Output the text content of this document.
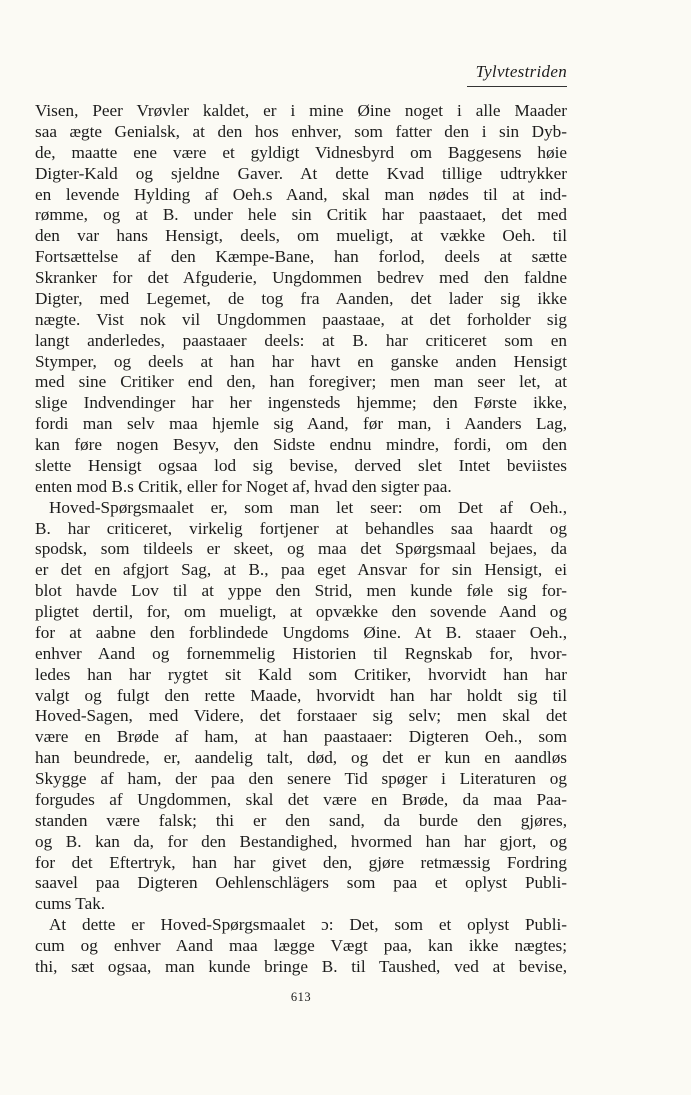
Tylvtestriden
Visen, Peer Vrøvler kaldet, er i mine Øine noget i alle Maader
saa ægte Genialsk, at den hos enhver, som fatter den i sin Dyb-
de, maatte ene være et gyldigt Vidnesbyrd om Baggesens høie
Digter-Kald og sjeldne Gaver. At dette Kvad tillige udtrykker
en levende Hylding af Oeh.s Aand, skal man nødes til at ind-
rømme, og at B. under hele sin Critik har paastaaet, det med
den var hans Hensigt, deels, om mueligt, at vække Oeh. til
Fortsættelse af den Kæmpe-Bane, han forlod, deels at sætte
Skranker for det Afguderie, Ungdommen bedrev med den faldne
Digter, med Legemet, de tog fra Aanden, det lader sig ikke
nægte. Vist nok vil Ungdommen paastaae, at det forholder sig
langt anderledes, paastaaer deels: at B. har criticeret som en
Stymper, og deels at han har havt en ganske anden Hensigt
med sine Critiker end den, han foregiver; men man seer let, at
slige Indvendinger har her ingensteds hjemme; den Første ikke,
fordi man selv maa hjemle sig Aand, før man, i Aanders Lag,
kan føre nogen Besyv, den Sidste endnu mindre, fordi, om den
slette Hensigt ogsaa lod sig bevise, derved slet Intet beviistes
enten mod B.s Critik, eller for Noget af, hvad den sigter paa.
Hoved-Spørgsmaalet er, som man let seer: om Det af Oeh.,
B. har criticeret, virkelig fortjener at behandles saa haardt og
spodsk, som tildeels er skeet, og maa det Spørgsmaal bejaes, da
er det en afgjort Sag, at B., paa eget Ansvar for sin Hensigt, ei
blot havde Lov til at yppe den Strid, men kunde føle sig for-
pligtet dertil, for, om mueligt, at opvække den sovende Aand og
for at aabne den forblindede Ungdoms Øine. At B. staaer Oeh.,
enhver Aand og fornemmelig Historien til Regnskab for, hvor-
ledes han har rygtet sit Kald som Critiker, hvorvidt han har
valgt og fulgt den rette Maade, hvorvidt han har holdt sig til
Hoved-Sagen, med Videre, det forstaaer sig selv; men skal det
være en Brøde af ham, at han paastaaer: Digteren Oeh., som
han beundrede, er, aandelig talt, død, og det er kun en aandløs
Skygge af ham, der paa den senere Tid spøger i Literaturen og
forgudes af Ungdommen, skal det være en Brøde, da maa Paa-
standen være falsk; thi er den sand, da burde den gjøres,
og B. kan da, for den Bestandighed, hvormed han har gjort, og
for det Eftertryk, han har givet den, gjøre retmæssig Fordring
saavel paa Digteren Oehlenschlägers som paa et oplyst Publi-
cums Tak.
At dette er Hoved-Spørgsmaalet ɔ: Det, som et oplyst Publi-
cum og enhver Aand maa lægge Vægt paa, kan ikke nægtes;
thi, sæt ogsaa, man kunde bringe B. til Taushed, ved at bevise,
613
